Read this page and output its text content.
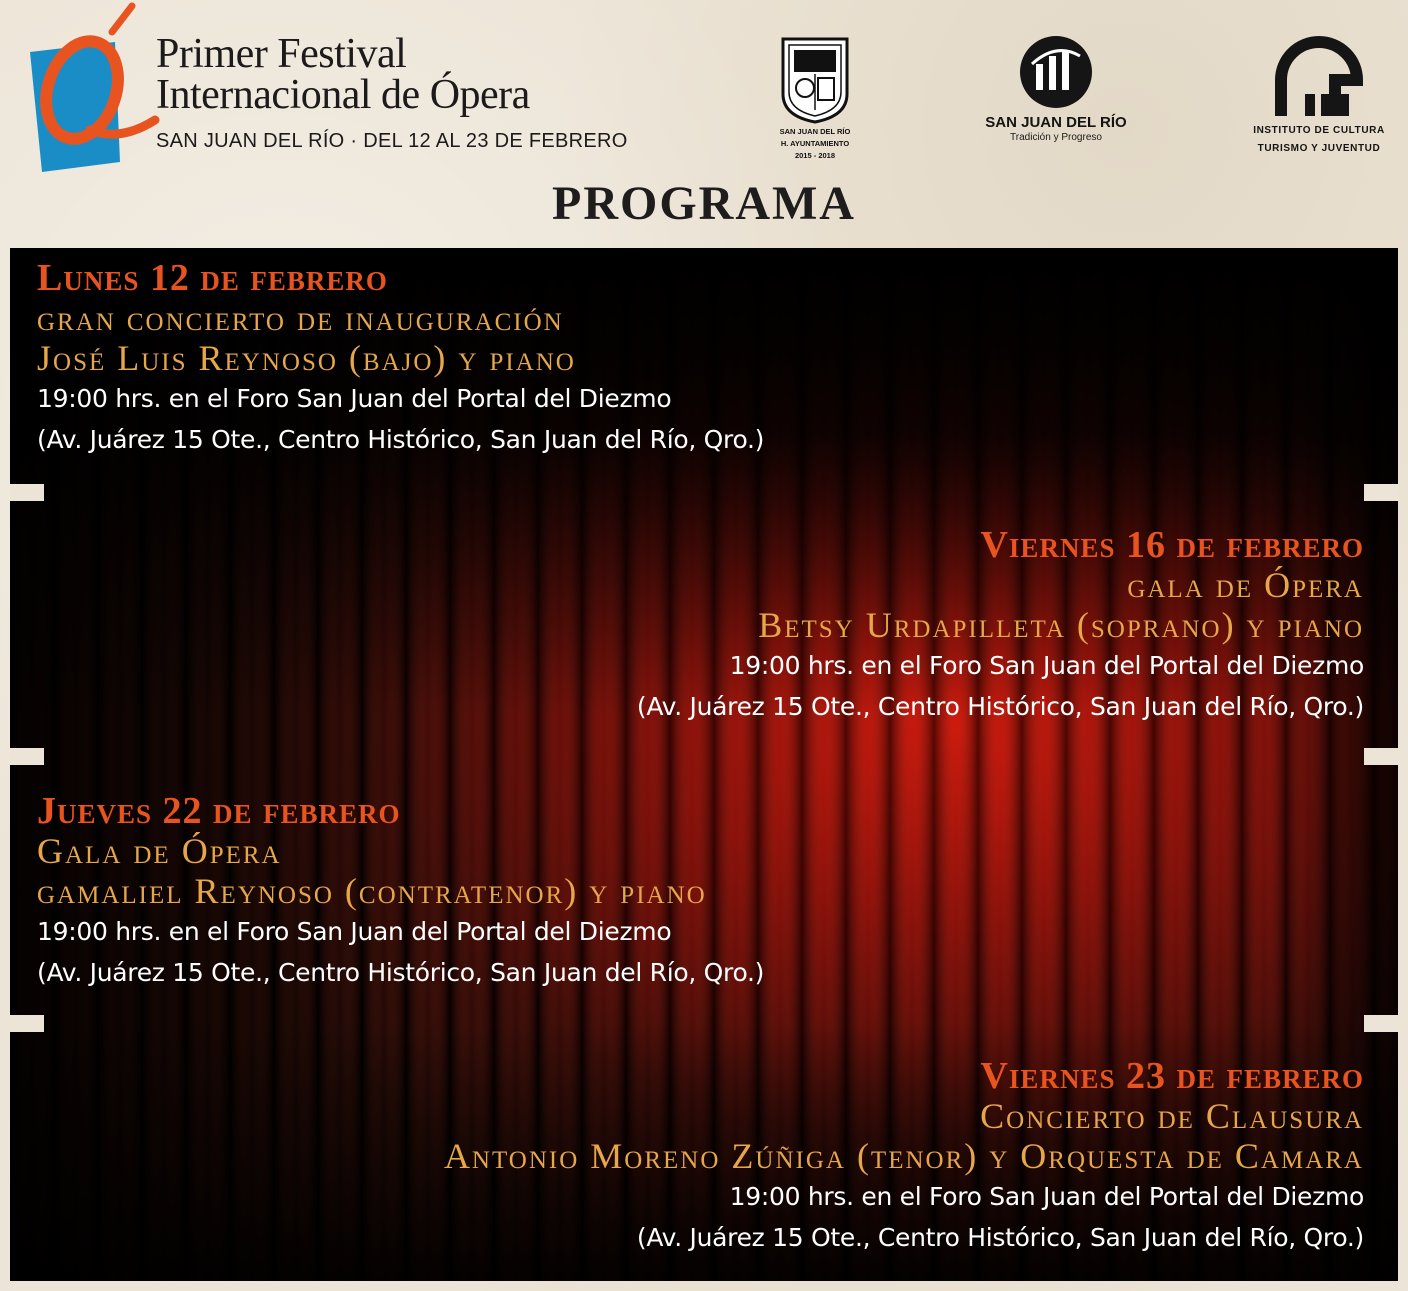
Primer Festival
Internacional de Ópera
SAN JUAN DEL RÍO · DEL 12 AL 23 DE FEBRERO	SAN JUAN DEL RÍO
H. AYUNTAMIENTO
2015 - 2018
SAN JUAN DEL RÍO
Tradición y Progreso
INSTITUTO DE CULTURA
TURISMO Y JUVENTUD
PROGRAMA
Lunes 12 de febrero
gran concierto de inauguración
José Luis Reynoso (bajo) y piano
19:00 hrs. en el Foro San Juan del Portal del Diezmo
(Av. Juárez 15 Ote., Centro Histórico, San Juan del Río, Qro.)
Viernes 16 de febrero
gala de Ópera
Betsy Urdapilleta (soprano) y piano
19:00 hrs. en el Foro San Juan del Portal del Diezmo
(Av. Juárez 15 Ote., Centro Histórico, San Juan del Río, Qro.)
Jueves 22 de febrero
Gala de Ópera
gamaliel Reynoso (contratenor) y piano
19:00 hrs. en el Foro San Juan del Portal del Diezmo
(Av. Juárez 15 Ote., Centro Histórico, San Juan del Río, Qro.)
Viernes 23 de febrero
Concierto de Clausura
Antonio Moreno Zúñiga (tenor) y Orquesta de Camara
19:00 hrs. en el Foro San Juan del Portal del Diezmo
(Av. Juárez 15 Ote., Centro Histórico, San Juan del Río, Qro.)
